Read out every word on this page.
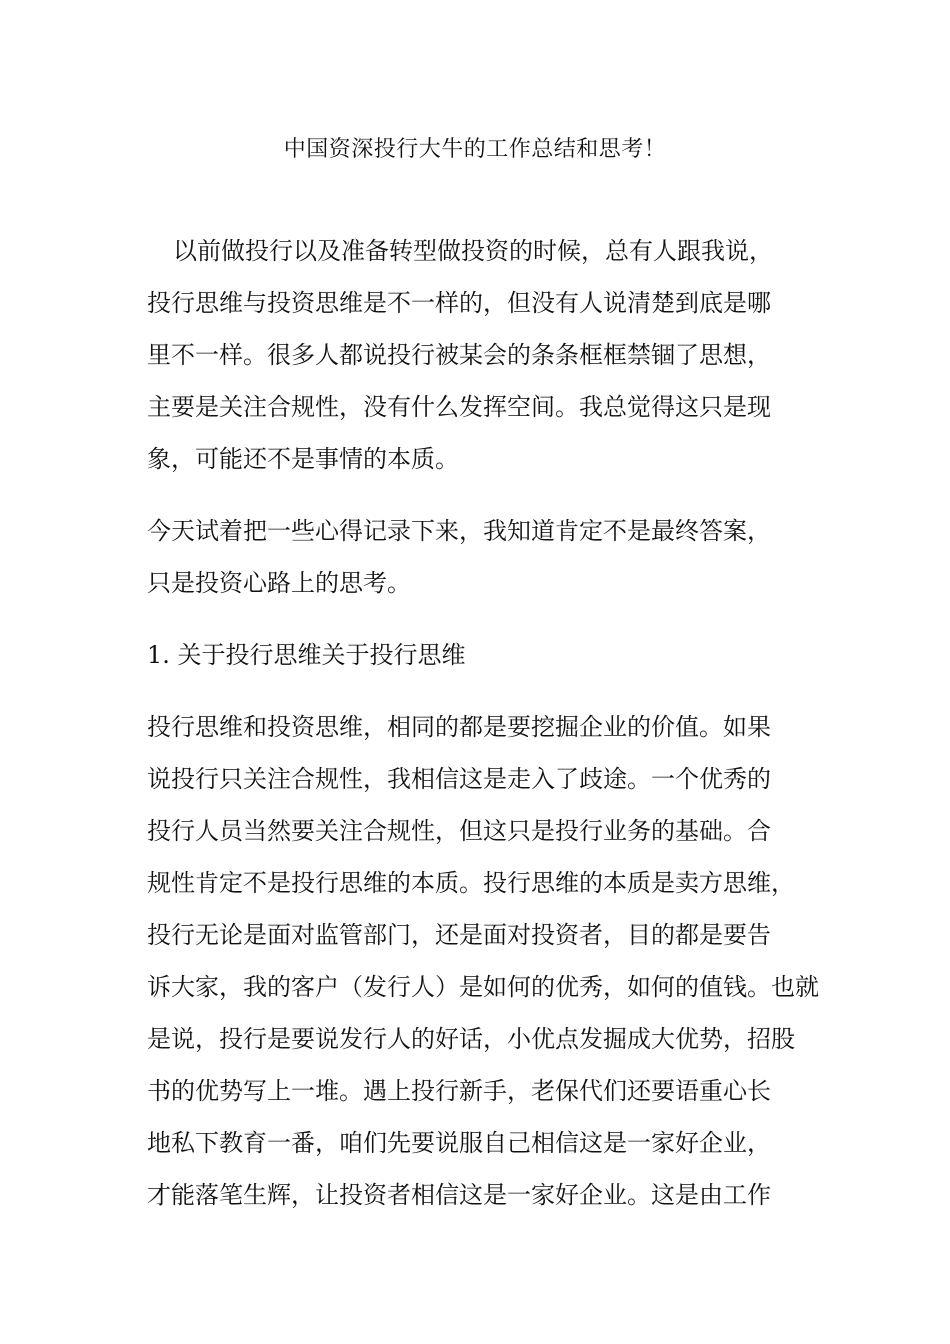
中国资深投行大牛的工作总结和思考！
以前做投行以及准备转型做投资的时候，总有人跟我说，
投行思维与投资思维是不一样的，但没有人说清楚到底是哪
里不一样。很多人都说投行被某会的条条框框禁锢了思想，
主要是关注合规性，没有什么发挥空间。我总觉得这只是现
象，可能还不是事情的本质。
今天试着把一些心得记录下来，我知道肯定不是最终答案，
只是投资心路上的思考。
1. 关于投行思维关于投行思维
投行思维和投资思维，相同的都是要挖掘企业的价值。如果
说投行只关注合规性，我相信这是走入了歧途。一个优秀的
投行人员当然要关注合规性，但这只是投行业务的基础。合
规性肯定不是投行思维的本质。投行思维的本质是卖方思维，
投行无论是面对监管部门，还是面对投资者，目的都是要告
诉大家，我的客户（发行人）是如何的优秀，如何的值钱。也就
是说，投行是要说发行人的好话，小优点发掘成大优势，招股
书的优势写上一堆。遇上投行新手，老保代们还要语重心长
地私下教育一番，咱们先要说服自己相信这是一家好企业，
才能落笔生辉，让投资者相信这是一家好企业。这是由工作
